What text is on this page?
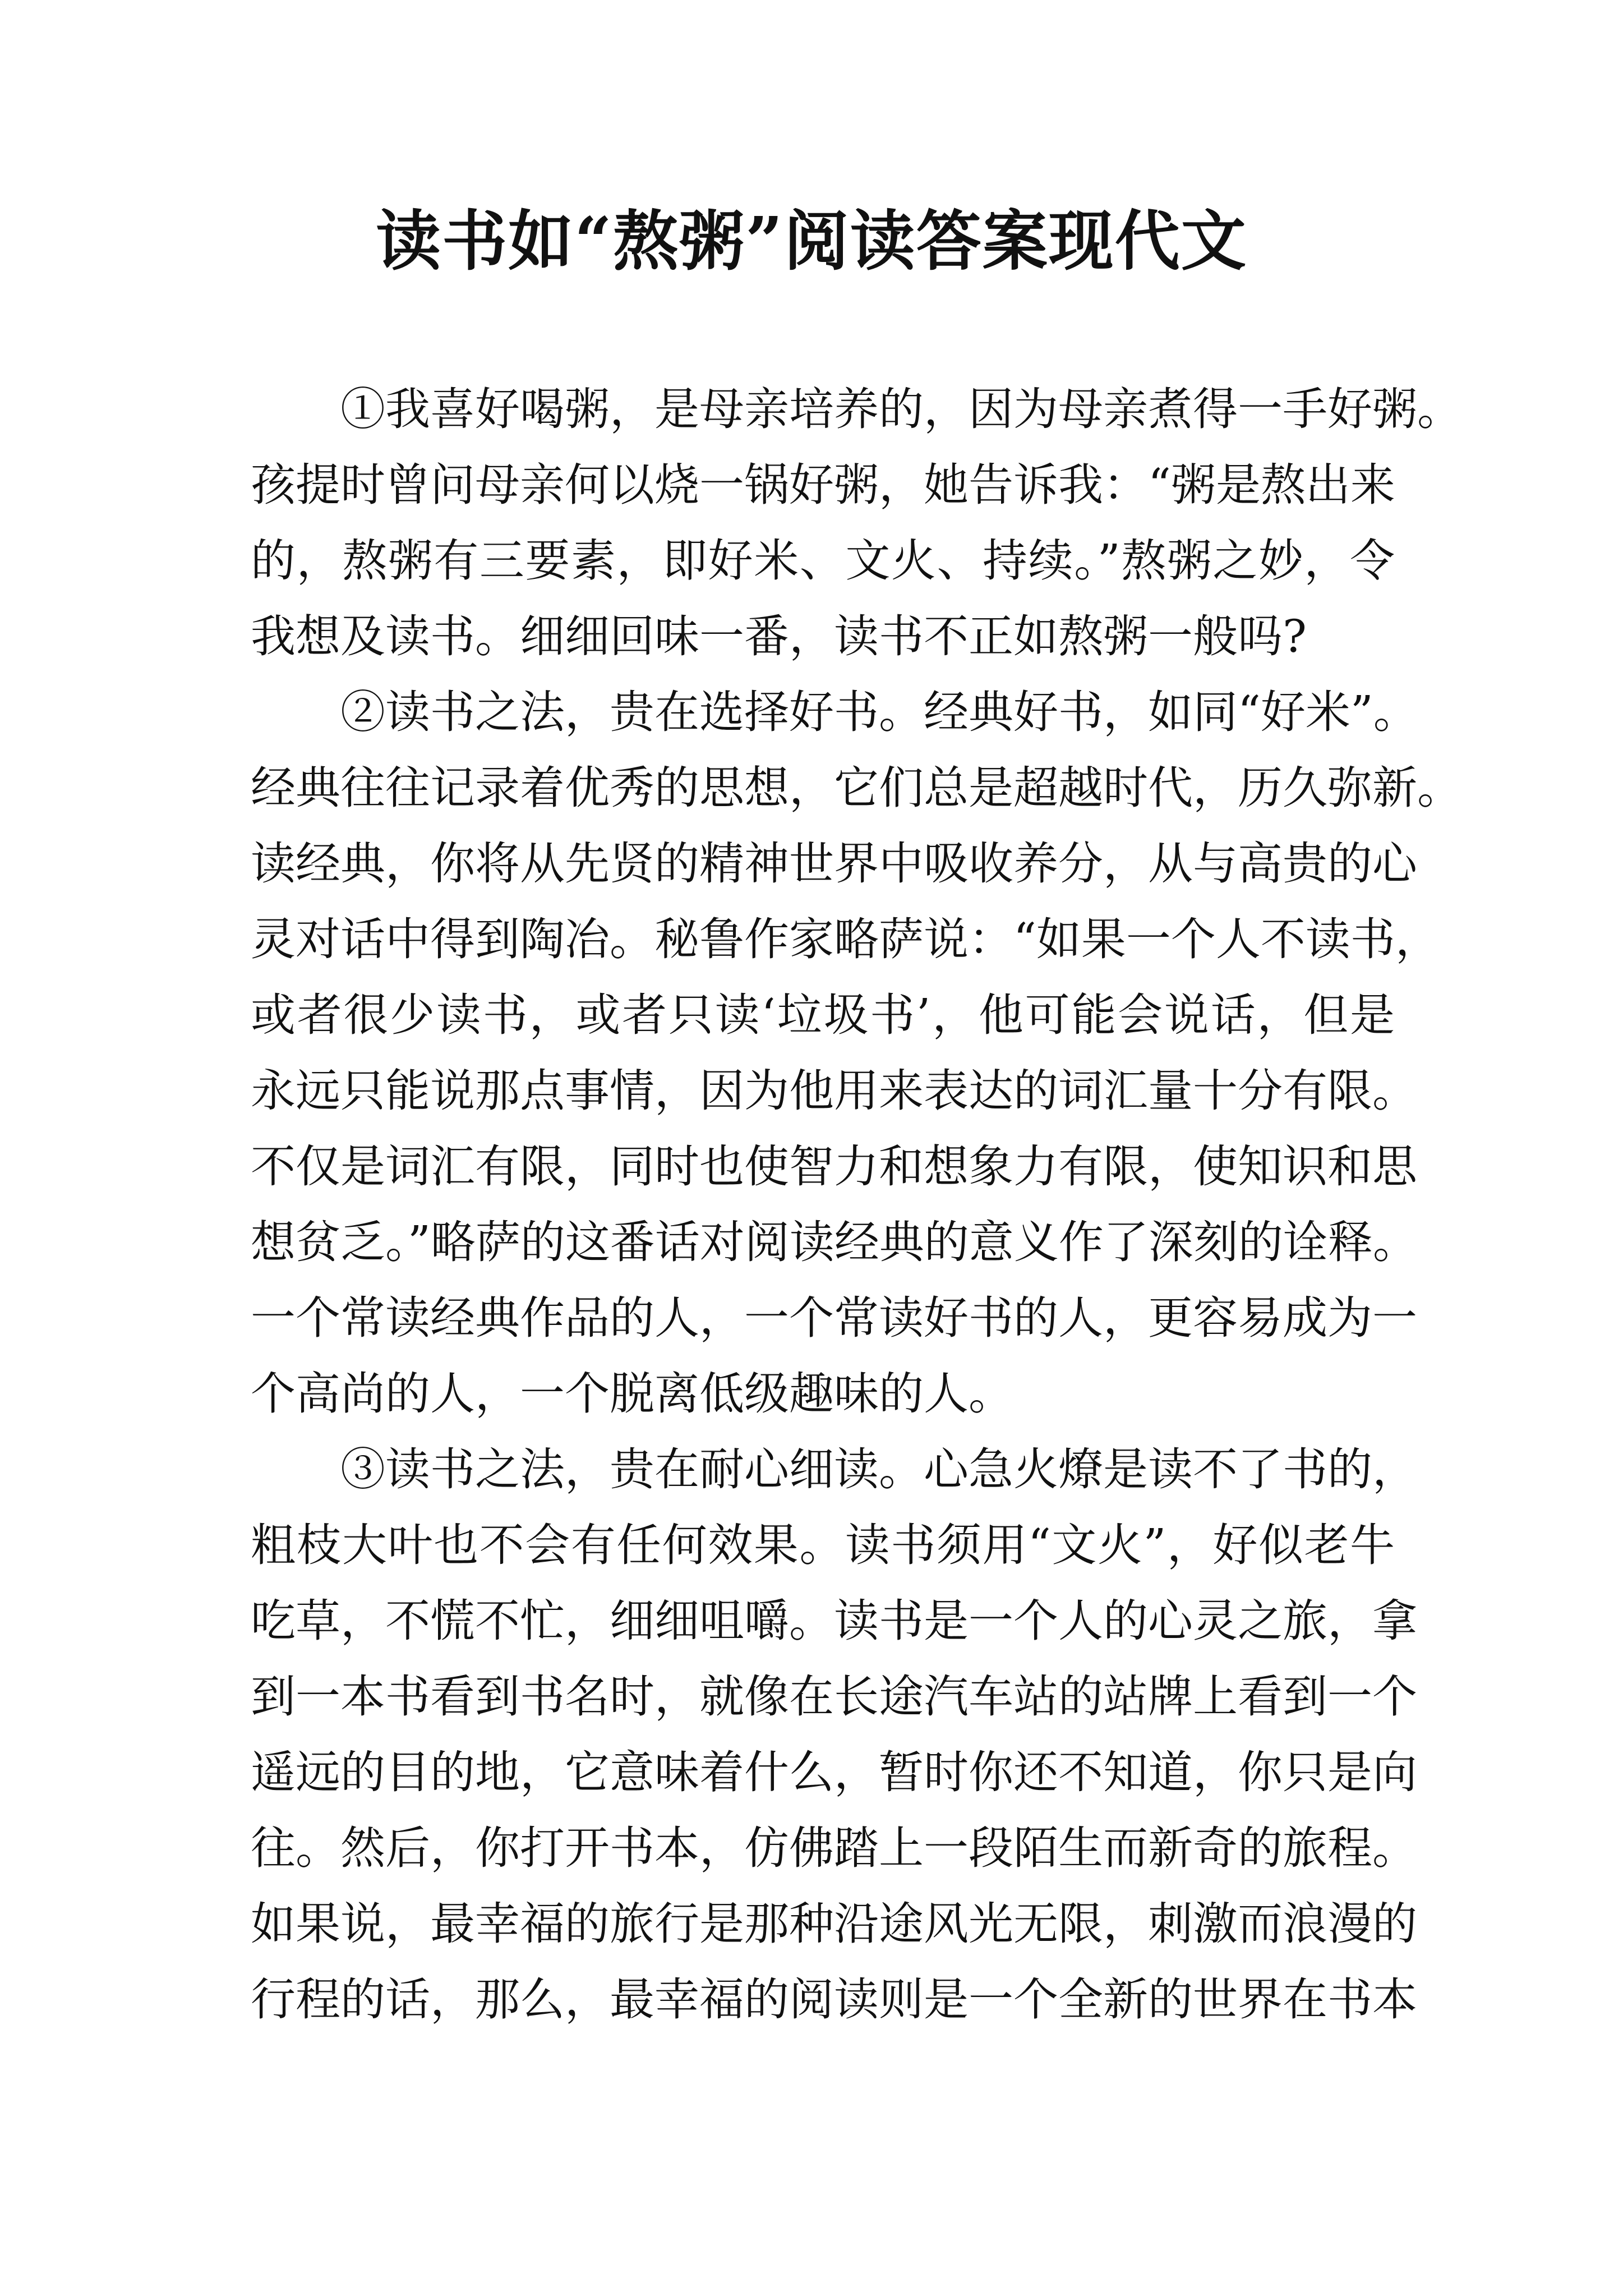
读书如“熬粥”阅读答案现代文

①我喜好喝粥，是母亲培养的，因为母亲煮得一手好粥。

孩提时曾问母亲何以烧一锅好粥，她告诉我：“粥是熬出来

的，熬粥有三要素，即好米、文火、持续。”熬粥之妙，令

我想及读书。细细回味一番，读书不正如熬粥一般吗?

②读书之法，贵在选择好书。经典好书，如同“好米”。

经典往往记录着优秀的思想，它们总是超越时代，历久弥新。

读经典，你将从先贤的精神世界中吸收养分，从与高贵的心

灵对话中得到陶冶。秘鲁作家略萨说：“如果一个人不读书，

或者很少读书，或者只读‘垃圾书’，他可能会说话，但是

永远只能说那点事情，因为他用来表达的词汇量十分有限。

不仅是词汇有限，同时也使智力和想象力有限，使知识和思

想贫乏。”略萨的这番话对阅读经典的意义作了深刻的诠释。

一个常读经典作品的人，一个常读好书的人，更容易成为一

个高尚的人，一个脱离低级趣味的人。

③读书之法，贵在耐心细读。心急火燎是读不了书的，

粗枝大叶也不会有任何效果。读书须用“文火”，好似老牛

吃草，不慌不忙，细细咀嚼。读书是一个人的心灵之旅，拿

到一本书看到书名时，就像在长途汽车站的站牌上看到一个

遥远的目的地，它意味着什么，暂时你还不知道，你只是向

往。然后，你打开书本，仿佛踏上一段陌生而新奇的旅程。

如果说，最幸福的旅行是那种沿途风光无限，刺激而浪漫的

行程的话，那么，最幸福的阅读则是一个全新的世界在书本
